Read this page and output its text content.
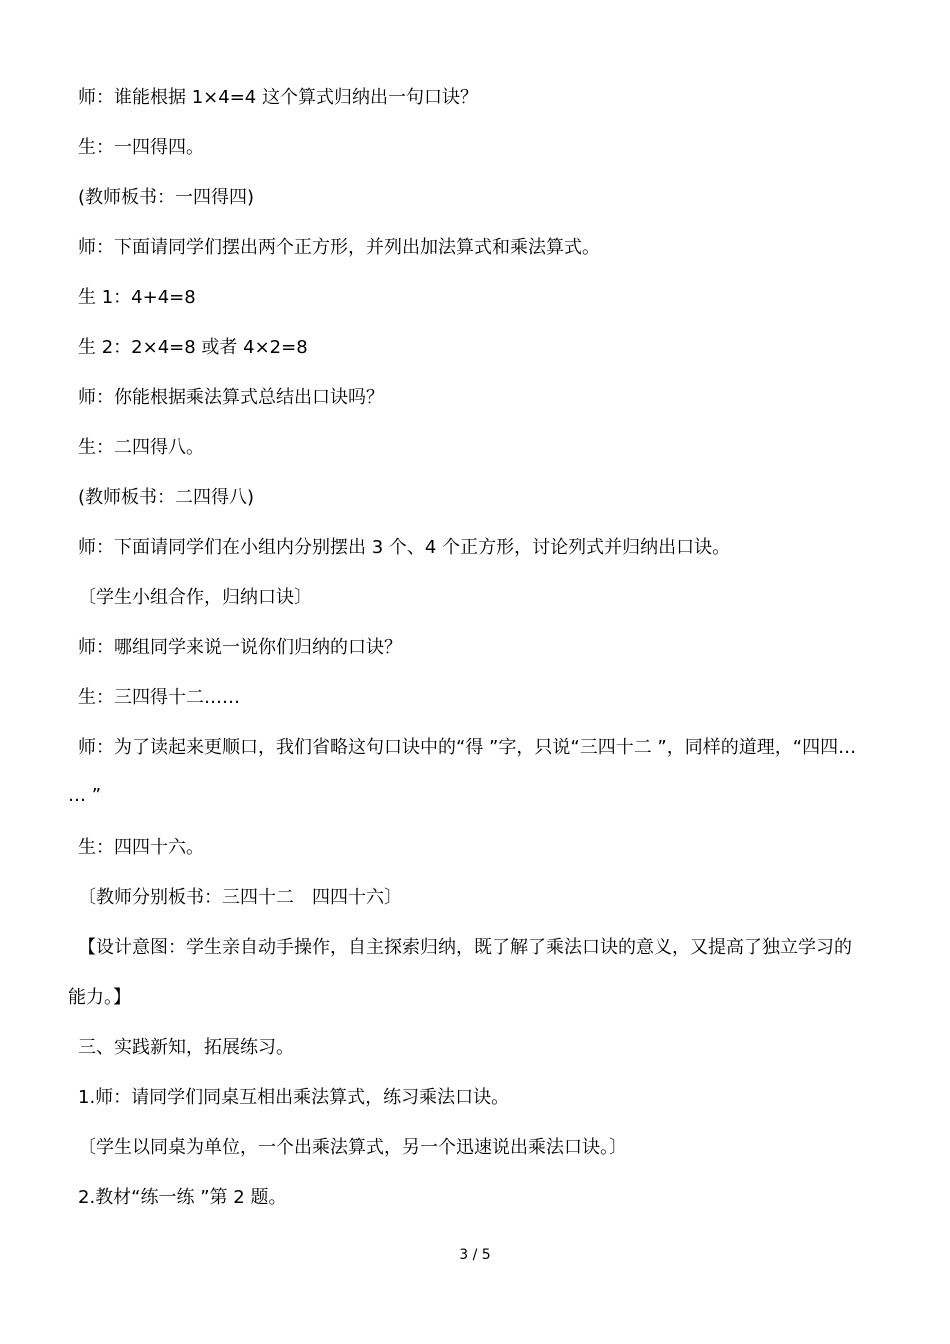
师：谁能根据 1×4=4 这个算式归纳出一句口诀？
生：一四得四。
(教师板书：一四得四)
师：下面请同学们摆出两个正方形，并列出加法算式和乘法算式。
生 1：4+4=8
生 2：2×4=8 或者 4×2=8
师：你能根据乘法算式总结出口诀吗？
生：二四得八。
(教师板书：二四得八)
师：下面请同学们在小组内分别摆出 3 个、4 个正方形，讨论列式并归纳出口诀。
〔学生小组合作，归纳口诀〕
师：哪组同学来说一说你们归纳的口诀？
生：三四得十二……
师：为了读起来更顺口，我们省略这句口诀中的“得 ”字，只说“三四十二 ”，同样的道理，“四四…
… ”
生：四四十六。
〔教师分别板书：三四十二　四四十六〕
【设计意图：学生亲自动手操作，自主探索归纳，既了解了乘法口诀的意义，又提高了独立学习的
能力。】
三、实践新知，拓展练习。
1.师：请同学们同桌互相出乘法算式，练习乘法口诀。
〔学生以同桌为单位，一个出乘法算式，另一个迅速说出乘法口诀。〕
2.教材“练一练 ”第 2 题。
3 / 5
